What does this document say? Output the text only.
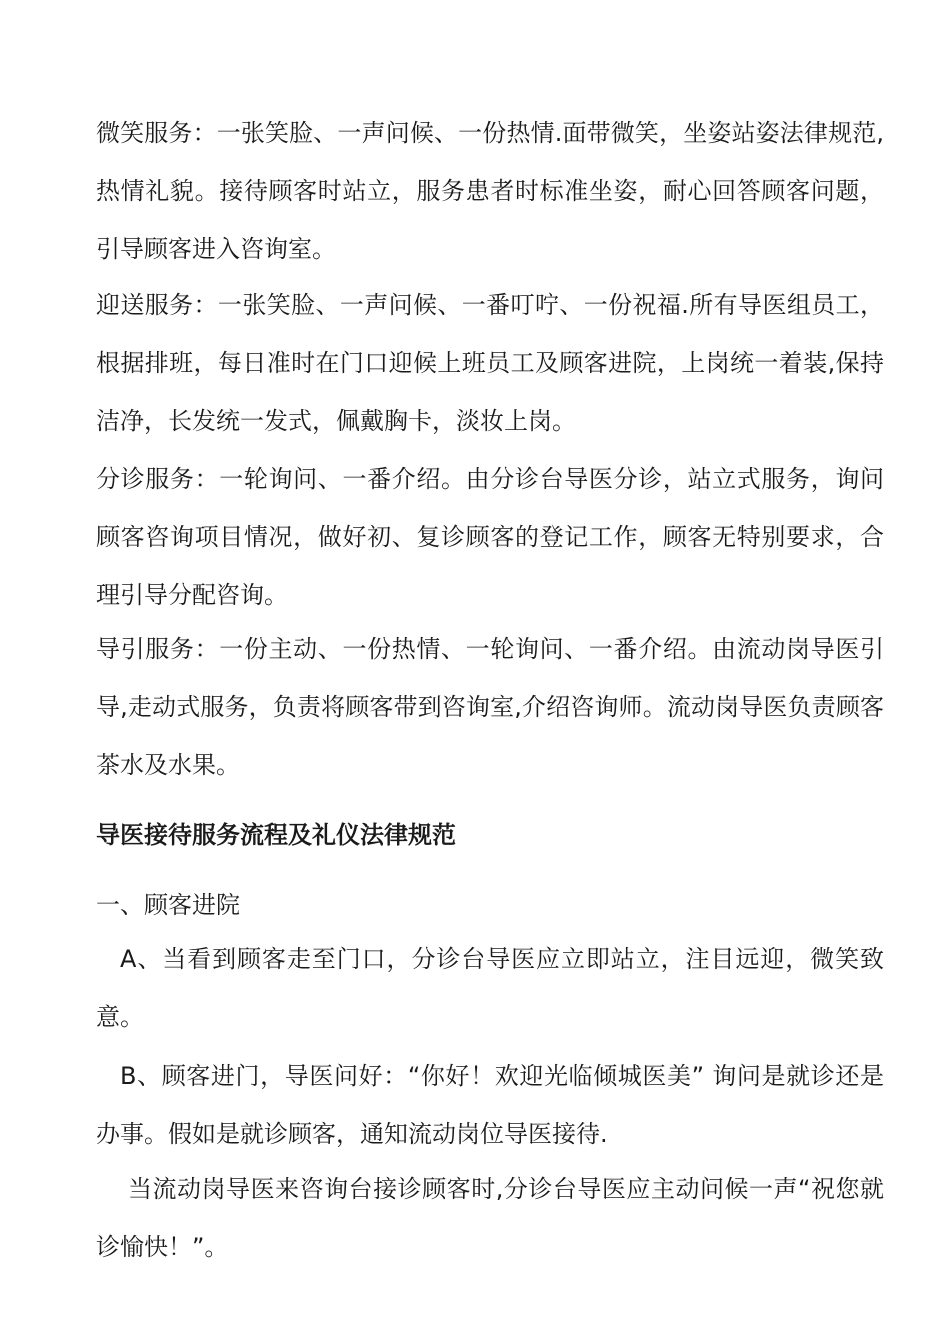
微笑服务：一张笑脸、一声问候、一份热情.面带微笑，坐姿站姿法律规范,热情礼貌。接待顾客时站立，服务患者时标准坐姿，耐心回答顾客问题，引导顾客进入咨询室。

迎送服务：一张笑脸、一声问候、一番叮咛、一份祝福.所有导医组员工，根据排班，每日准时在门口迎候上班员工及顾客进院，上岗统一着装,保持洁净，长发统一发式，佩戴胸卡，淡妆上岗。

分诊服务：一轮询问、一番介绍。由分诊台导医分诊，站立式服务，询问顾客咨询项目情况，做好初、复诊顾客的登记工作，顾客无特别要求，合理引导分配咨询。

导引服务：一份主动、一份热情、一轮询问、一番介绍。由流动岗导医引导,走动式服务，负责将顾客带到咨询室,介绍咨询师。流动岗导医负责顾客茶水及水果。

导医接待服务流程及礼仪法律规范

一、顾客进院

A、当看到顾客走至门口，分诊台导医应立即站立，注目远迎，微笑致意。

B、顾客进门，导医问好：“你好！欢迎光临倾城医美” 询问是就诊还是办事。假如是就诊顾客，通知流动岗位导医接待.

当流动岗导医来咨询台接诊顾客时,分诊台导医应主动问候一声“祝您就诊愉快！”。
